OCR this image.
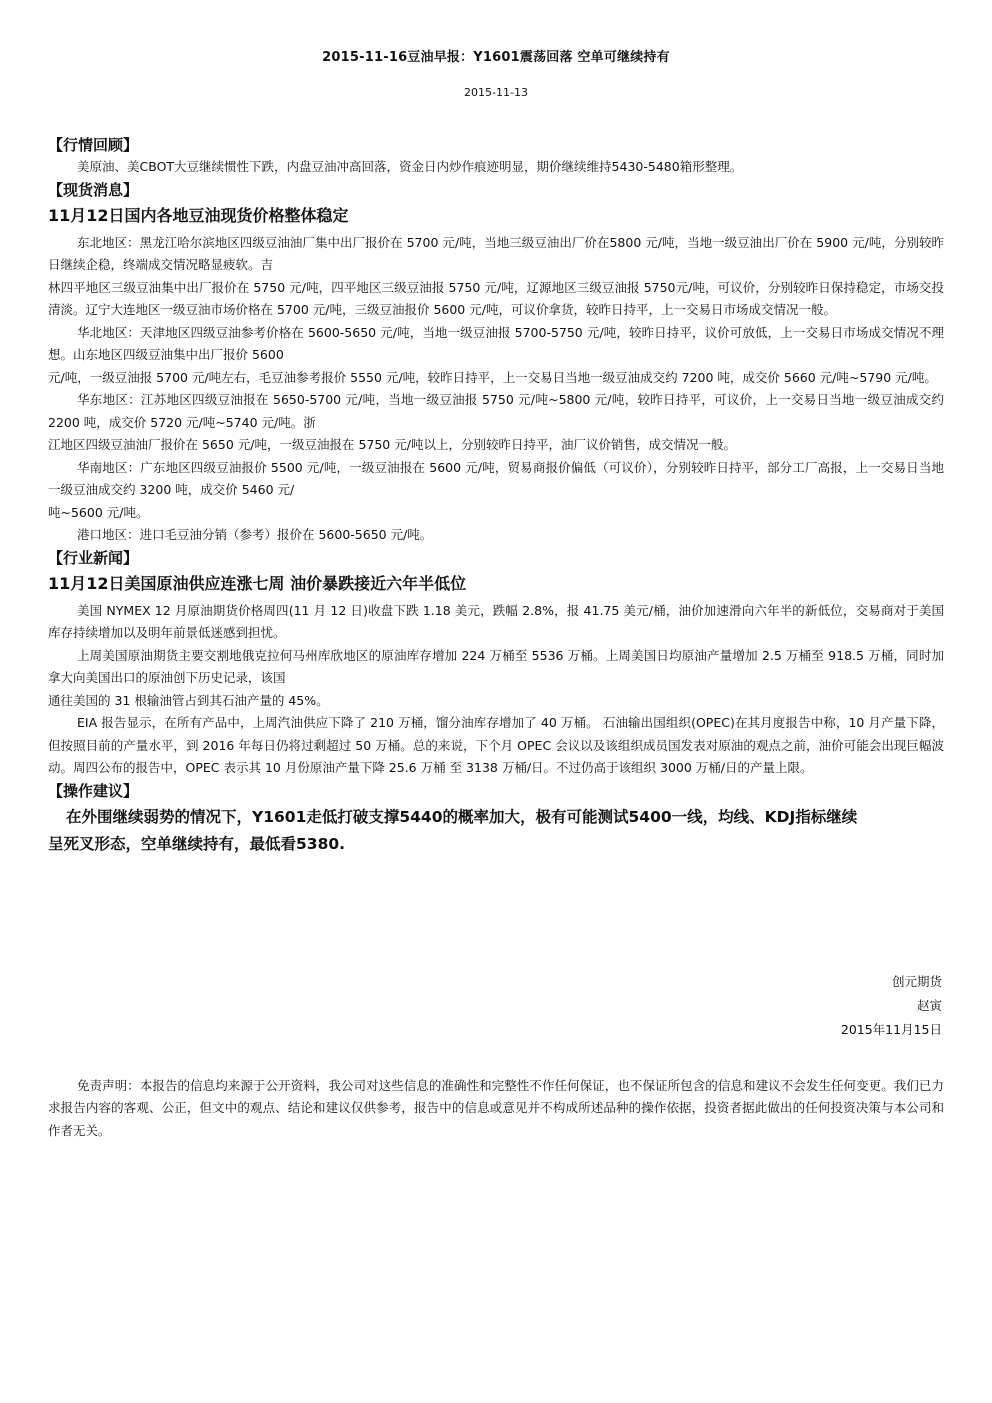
2015-11-16豆油早报：Y1601震荡回落 空单可继续持有
2015-11-13
【行情回顾】

美原油、美CBOT大豆继续惯性下跌，内盘豆油冲高回落，资金日内炒作痕迹明显，期价继续维持5430-5480箱形整理。

【现货消息】
11月12日国内各地豆油现货价格整体稳定

东北地区：黑龙江哈尔滨地区四级豆油油厂集中出厂报价在 5700 元/吨，当地三级豆油出厂价在5800 元/吨，当地一级豆油出厂价在 5900 元/吨，分别较昨日继续企稳，终端成交情况略显疲软。吉

林四平地区三级豆油集中出厂报价在 5750 元/吨，四平地区三级豆油报 5750 元/吨，辽源地区三级豆油报 5750元/吨，可议价，分别较昨日保持稳定，市场交投清淡。辽宁大连地区一级豆油市场价格在 5700 元/吨，三级豆油报价 5600 元/吨，可议价拿货，较昨日持平，上一交易日市场成交情况一般。

华北地区：天津地区四级豆油参考价格在 5600-5650 元/吨，当地一级豆油报 5700-5750 元/吨，较昨日持平，议价可放低，上一交易日市场成交情况不理想。山东地区四级豆油集中出厂报价 5600

元/吨，一级豆油报 5700 元/吨左右，毛豆油参考报价 5550 元/吨，较昨日持平，上一交易日当地一级豆油成交约 7200 吨，成交价 5660 元/吨~5790 元/吨。

华东地区：江苏地区四级豆油报在 5650-5700 元/吨，当地一级豆油报 5750 元/吨~5800 元/吨，较昨日持平，可议价，上一交易日当地一级豆油成交约 2200 吨，成交价 5720 元/吨~5740 元/吨。浙

江地区四级豆油油厂报价在 5650 元/吨，一级豆油报在 5750 元/吨以上，分别较昨日持平，油厂议价销售，成交情况一般。

华南地区：广东地区四级豆油报价 5500 元/吨，一级豆油报在 5600 元/吨，贸易商报价偏低（可议价），分别较昨日持平，部分工厂高报，上一交易日当地一级豆油成交约 3200 吨，成交价 5460 元/

吨~5600 元/吨。

港口地区：进口毛豆油分销（参考）报价在 5600-5650 元/吨。

【行业新闻】
11月12日美国原油供应连涨七周 油价暴跌接近六年半低位

美国 NYMEX 12 月原油期货价格周四(11 月 12 日)收盘下跌 1.18 美元，跌幅 2.8%，报 41.75 美元/桶，油价加速滑向六年半的新低位，交易商对于美国库存持续增加以及明年前景低迷感到担忧。

上周美国原油期货主要交割地俄克拉何马州库欣地区的原油库存增加 224 万桶至 5536 万桶。上周美国日均原油产量增加 2.5 万桶至 918.5 万桶，同时加拿大向美国出口的原油创下历史记录，该国

通往美国的 31 根输油管占到其石油产量的 45%。

EIA 报告显示，在所有产品中，上周汽油供应下降了 210 万桶，馏分油库存增加了 40 万桶。 石油输出国组织(OPEC)在其月度报告中称，10 月产量下降，但按照目前的产量水平，到 2016 年每日仍将过剩超过 50 万桶。总的来说，下个月 OPEC 会议以及该组织成员国发表对原油的观点之前，油价可能会出现巨幅波动。周四公布的报告中，OPEC 表示其 10 月份原油产量下降 25.6 万桶 至 3138 万桶/日。不过仍高于该组织 3000 万桶/日的产量上限。

【操作建议】

在外围继续弱势的情况下，Y1601走低打破支撑5440的概率加大，极有可能测试5400一线，均线、KDJ指标继续呈死叉形态，空单继续持有，最低看5380.

创元期货
赵寅
2015年11月15日

免责声明：本报告的信息均来源于公开资料，我公司对这些信息的准确性和完整性不作任何保证，也不保证所包含的信息和建议不会发生任何变更。我们已力求报告内容的客观、公正，但文中的观点、结论和建议仅供参考，报告中的信息或意见并不构成所述品种的操作依据，投资者据此做出的任何投资决策与本公司和作者无关。
